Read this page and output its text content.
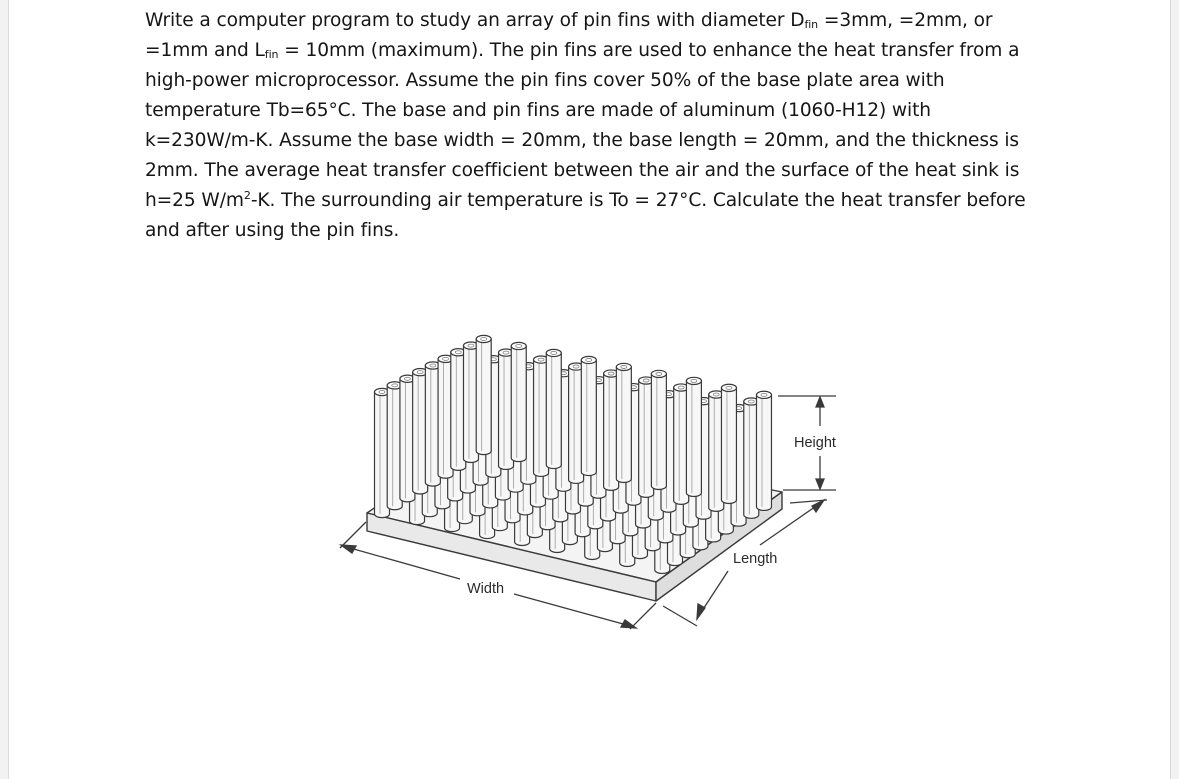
Write a computer program to study an array of pin fins with diameter $D_{fin} =3mm$, =2mm, or
=1mm and $L_{fin} = 10mm$ (maximum). The pin fins are used to enhance the heat transfer from a
high-power microprocessor. Assume the pin fins cover 50% of the base plate area with
temperature Tb=65°C. The base and pin fins are made of aluminum (1060-H12) with
k=230W/m-K. Assume the base width = 20mm, the base length = 20mm, and the thickness is
2mm. The average heat transfer coefficient between the air and the surface of the heat sink is
h=25 $W/m^2-K$. The surrounding air temperature is To = 27°C. Calculate the heat transfer before
and after using the pin fins.
Width
Length
Height
